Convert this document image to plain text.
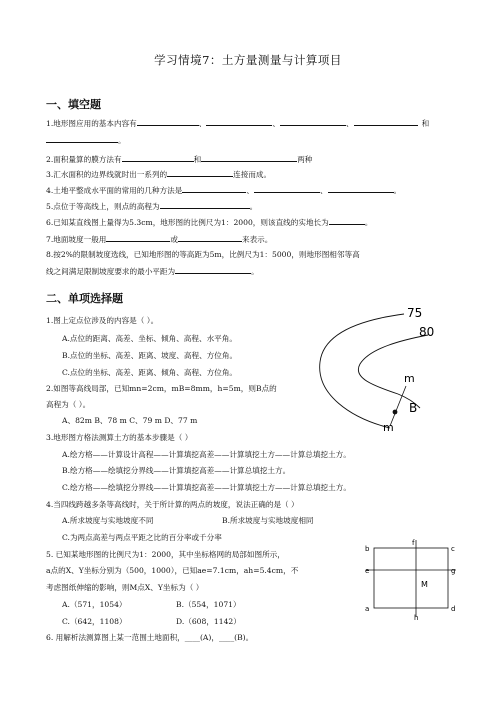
学习情境7：土方量测量与计算项目
一、填空题
1.地形图应用的基本内容有	、	、	、	和
。
2.面积量算的膜方法有	和	两种
3.汇水面积的边界线就时出一系列的	连接而成。
4.土地平整成水平面的常用的几种方法是	、	、	。
5.点位于等高线上，则点的高程为	。
6.已知某直线图上量得为5.3cm，地形图的比例尺为1：2000，则该直线的实地长为	。
7.地面坡度一般用	或	来表示。
8.按2%的限制坡度选线，已知地形图的等高距为5m，比例尺为1：5000，则地形图相邻等高
线之间满足限制坡度要求的最小平距为	。
二、单项选择题
1.图上定点位涉及的内容是（ ）。
A.点位的距离、高差、坐标、倾角、高程、水平角。
B.点位的坐标、高差、距离、坡度、高程、方位角。
C.点位的坐标、高差、距离、倾角、高程、方位角。
2.如图等高线局部，已知mn=2cm，mB=8mm，h=5m，则B点的
高程为（ ）。
A、82m B、78 m C、79 m D、77 m
3.地形图方格法测算土方的基本步骤是（ ）
A.绘方格——计算设计高程——计算填挖高差——计算填挖土方——计算总填挖土方。
B.绘方格——绘填挖分界线——计算填挖高差——计算总填挖土方。
C.绘方格——绘填挖分界线——计算填挖高差——计算填挖土方——计算总填挖土方。
4.当四线跨越多条等高线时，关于所计算的两点的坡度，说法正确的是（ ）
A.所求坡度与实地坡度不同	B.所求坡度与实地坡度相同
C.为两点高差与两点平距之比的百分率或千分率
5. 已知某地形图的比例尺为1：2000，其中坐标格网的局部如图所示，
a点的X、Y坐标分别为（500，1000），已知ae=7.1cm，ah=5.4cm，不
考虑图纸伸缩的影响，则M点X、Y坐标为（ ）
A.（571，1054）	B.（554，1071）
C.（642，1108）	D.（608，1142）
6. 用解析法测算图上某一范围土地面积，____(A)，____(B)。
75
80
m
B
m
b
f
c
e	g
M
a	d
h
